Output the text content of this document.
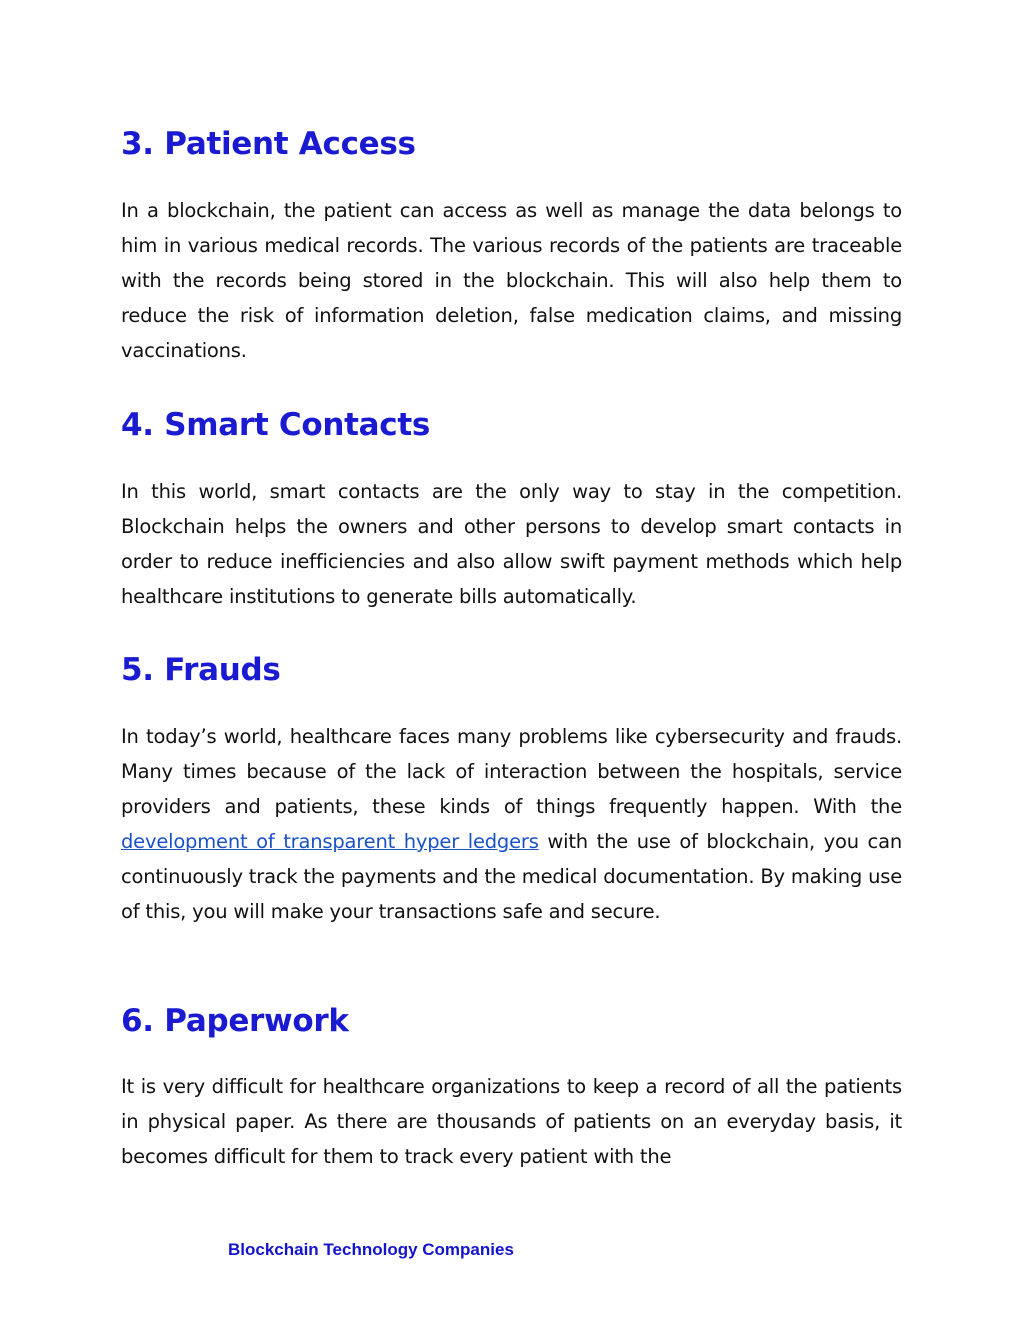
3. Patient Access

In a blockchain, the patient can access as well as manage the data belongs to him in various medical records. The various records of the patients are traceable with the records being stored in the blockchain. This will also help them to reduce the risk of information deletion, false medication claims, and missing vaccinations.

4. Smart Contacts

In this world, smart contacts are the only way to stay in the competition. Blockchain helps the owners and other persons to develop smart contacts in order to reduce inefficiencies and also allow swift payment methods which help healthcare institutions to generate bills automatically.

5. Frauds

In today’s world, healthcare faces many problems like cybersecurity and frauds. Many times because of the lack of interaction between the hospitals, service providers and patients, these kinds of things frequently happen. With the development of transparent hyper ledgers with the use of blockchain, you can continuously track the payments and the medical documentation. By making use of this, you will make your transactions safe and secure.

6. Paperwork

It is very difficult for healthcare organizations to keep a record of all the patients in physical paper. As there are thousands of patients on an everyday basis, it becomes difficult for them to track every patient with the

Blockchain Technology Companies
